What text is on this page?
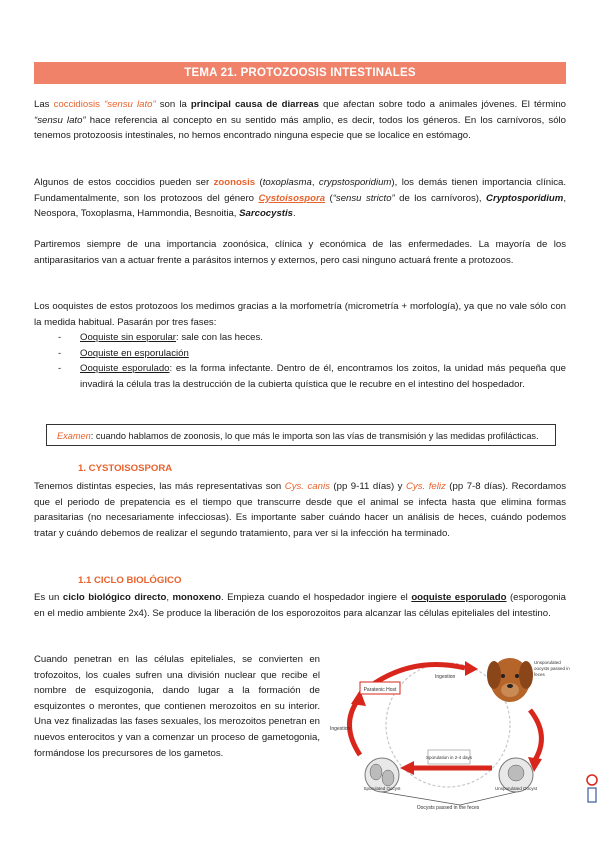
TEMA 21. PROTOZOOSIS INTESTINALES

Las coccidiosis “sensu lato” son la principal causa de diarreas que afectan sobre todo a animales jóvenes. El término “sensu lato” hace referencia al concepto en su sentido más amplio, es decir, todos los géneros. En los carnívoros, sólo tenemos protozoosis intestinales, no hemos encontrado ninguna especie que se localice en estómago.

Algunos de estos coccidios pueden ser zoonosis (toxoplasma, crypstosporidium), los demás tienen importancia clínica. Fundamentalmente, son los protozoos del género Cystoisospora (“sensu stricto” de los carnívoros), Cryptosporidium, Neospora, Toxoplasma, Hammondia, Besnoitia, Sarcocystis.

Partiremos siempre de una importancia zoonósica, clínica y económica de las enfermedades. La mayoría de los antiparasitarios van a actuar frente a parásitos internos y externos, pero casi ninguno actuará frente a protozoos.

Los ooquistes de estos protozoos los medimos gracias a la morfometría (micrometría + morfología), ya que no vale sólo con la medida habitual. Pasarán por tres fases:

- Ooquiste sin esporular: sale con las heces.
- Ooquiste en esporulación
- Ooquiste esporulado: es la forma infectante. Dentro de él, encontramos los zoitos, la unidad más pequeña que invadirá la célula tras la destrucción de la cubierta quística que le recubre en el intestino del hospedador.
Examen: cuando hablamos de zoonosis, lo que más le importa son las vías de transmisión y las medidas profilácticas.
1. CYSTOISOSPORA

Tenemos distintas especies, las más representativas son Cys. canis (pp 9-11 días) y Cys. feliz (pp 7-8 días). Recordamos que el periodo de prepatencia es el tiempo que transcurre desde que el animal se infecta hasta que elimina formas parasitarias (no necesariamente infecciosas). Es importante saber cuándo hacer un análisis de heces, cuándo podemos tratar y cuándo debemos de realizar el segundo tratamiento, para ver si la infección ha terminado.

1.1 CICLO BIOLÓGICO

Es un ciclo biológico directo, monoxeno. Empieza cuando el hospedador ingiere el ooquiste esporulado (esporogonia en el medio ambiente 2x4). Se produce la liberación de los esporozoitos para alcanzar las células epiteliales del intestino.

Cuando penetran en las células epiteliales, se convierten en trofozoitos, los cuales sufren una división nuclear que recibe el nombre de esquizogonia, dando lugar a la formación de esquizontes o merontes, que contienen merozoitos en su interior. Una vez finalizadas las fases sexuales, los merozoitos penetran en nuevos enterocitos y van a comenzar un proceso de gametogonia, formándose los precursores de los gametos.

Paratenic Host
Ingestion
Ingestion
Unsporulated oocysts passed in feces
Sporulated Oocyst	Unsporulated Oocyst
Sporulation in 2-4 days
Oocysts passed in the feces
